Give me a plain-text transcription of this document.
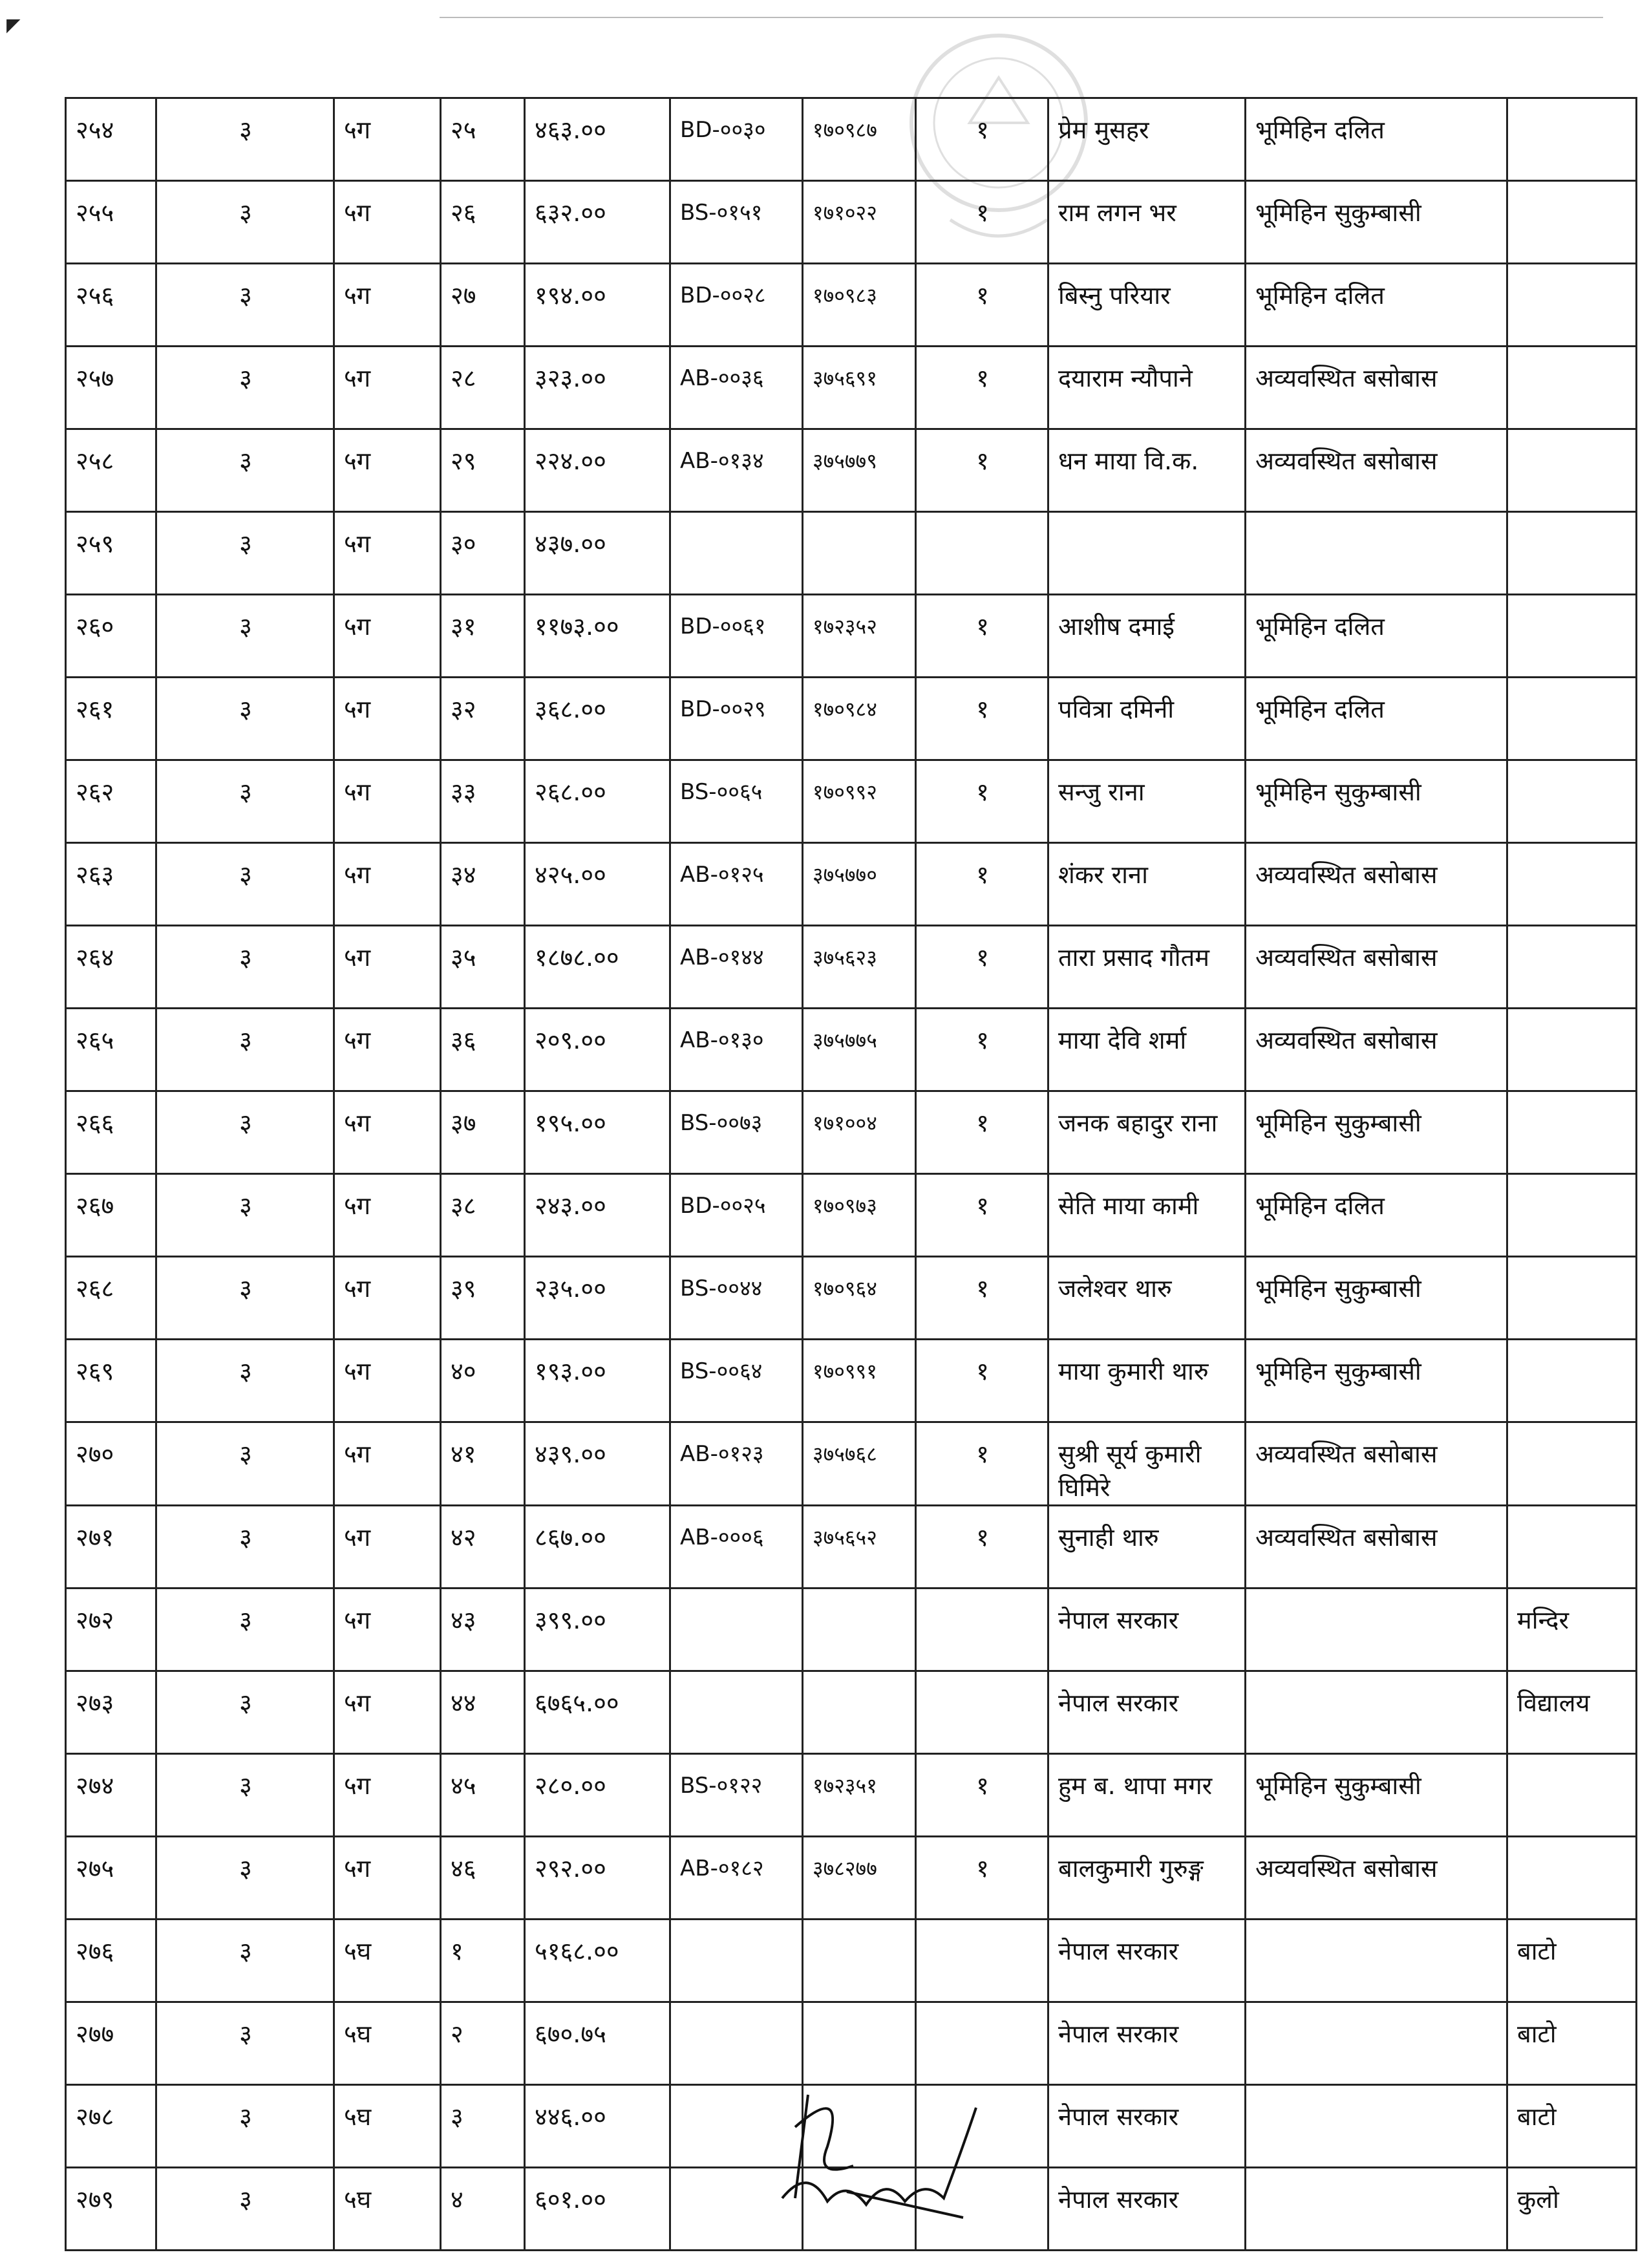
◤
२५४	३	५ग	२५	४६३.००	BD-००३०	१७०९८७	१	प्रेम मुसहर	भूमिहिन दलित	
२५५	३	५ग	२६	६३२.००	BS-०१५१	१७१०२२	१	राम लगन भर	भूमिहिन सुकुम्बासी	
२५६	३	५ग	२७	१९४.००	BD-००२८	१७०९८३	१	बिस्नु परियार	भूमिहिन दलित	
२५७	३	५ग	२८	३२३.००	AB-००३६	३७५६९१	१	दयाराम न्यौपाने	अव्यवस्थित बसोबास	
२५८	३	५ग	२९	२२४.००	AB-०१३४	३७५७७९	१	धन माया वि.क.	अव्यवस्थित बसोबास	
२५९	३	५ग	३०	४३७.००						
२६०	३	५ग	३१	११७३.००	BD-००६१	१७२३५२	१	आशीष दमाई	भूमिहिन दलित	
२६१	३	५ग	३२	३६८.००	BD-००२९	१७०९८४	१	पवित्रा दमिनी	भूमिहिन दलित	
२६२	३	५ग	३३	२६८.००	BS-००६५	१७०९९२	१	सन्जु राना	भूमिहिन सुकुम्बासी	
२६३	३	५ग	३४	४२५.००	AB-०१२५	३७५७७०	१	शंकर राना	अव्यवस्थित बसोबास	
२६४	३	५ग	३५	१८७८.००	AB-०१४४	३७५६२३	१	तारा प्रसाद गौतम	अव्यवस्थित बसोबास	
२६५	३	५ग	३६	२०९.००	AB-०१३०	३७५७७५	१	माया देवि शर्मा	अव्यवस्थित बसोबास	
२६६	३	५ग	३७	१९५.००	BS-००७३	१७१००४	१	जनक बहादुर राना	भूमिहिन सुकुम्बासी	
२६७	३	५ग	३८	२४३.००	BD-००२५	१७०९७३	१	सेति माया कामी	भूमिहिन दलित	
२६८	३	५ग	३९	२३५.००	BS-००४४	१७०९६४	१	जलेश्वर थारु	भूमिहिन सुकुम्बासी	
२६९	३	५ग	४०	१९३.००	BS-००६४	१७०९९१	१	माया कुमारी थारु	भूमिहिन सुकुम्बासी	
२७०	३	५ग	४१	४३९.००	AB-०१२३	३७५७६८	१	सुश्री सूर्य कुमारी घिमिरे	अव्यवस्थित बसोबास	
२७१	३	५ग	४२	८६७.००	AB-०००६	३७५६५२	१	सुनाही थारु	अव्यवस्थित बसोबास	
२७२	३	५ग	४३	३९९.००				नेपाल सरकार		मन्दिर
२७३	३	५ग	४४	६७६५.००				नेपाल सरकार		विद्यालय
२७४	३	५ग	४५	२८०.००	BS-०१२२	१७२३५१	१	हुम ब. थापा मगर	भूमिहिन सुकुम्बासी	
२७५	३	५ग	४६	२९२.००	AB-०१८२	३७८२७७	१	बालकुमारी गुरुङ्ग	अव्यवस्थित बसोबास	
२७६	३	५घ	१	५१६८.००				नेपाल सरकार		बाटो
२७७	३	५घ	२	६७०.७५				नेपाल सरकार		बाटो
२७८	३	५घ	३	४४६.००				नेपाल सरकार		बाटो
२७९	३	५घ	४	६०१.००				नेपाल सरकार		कुलो
